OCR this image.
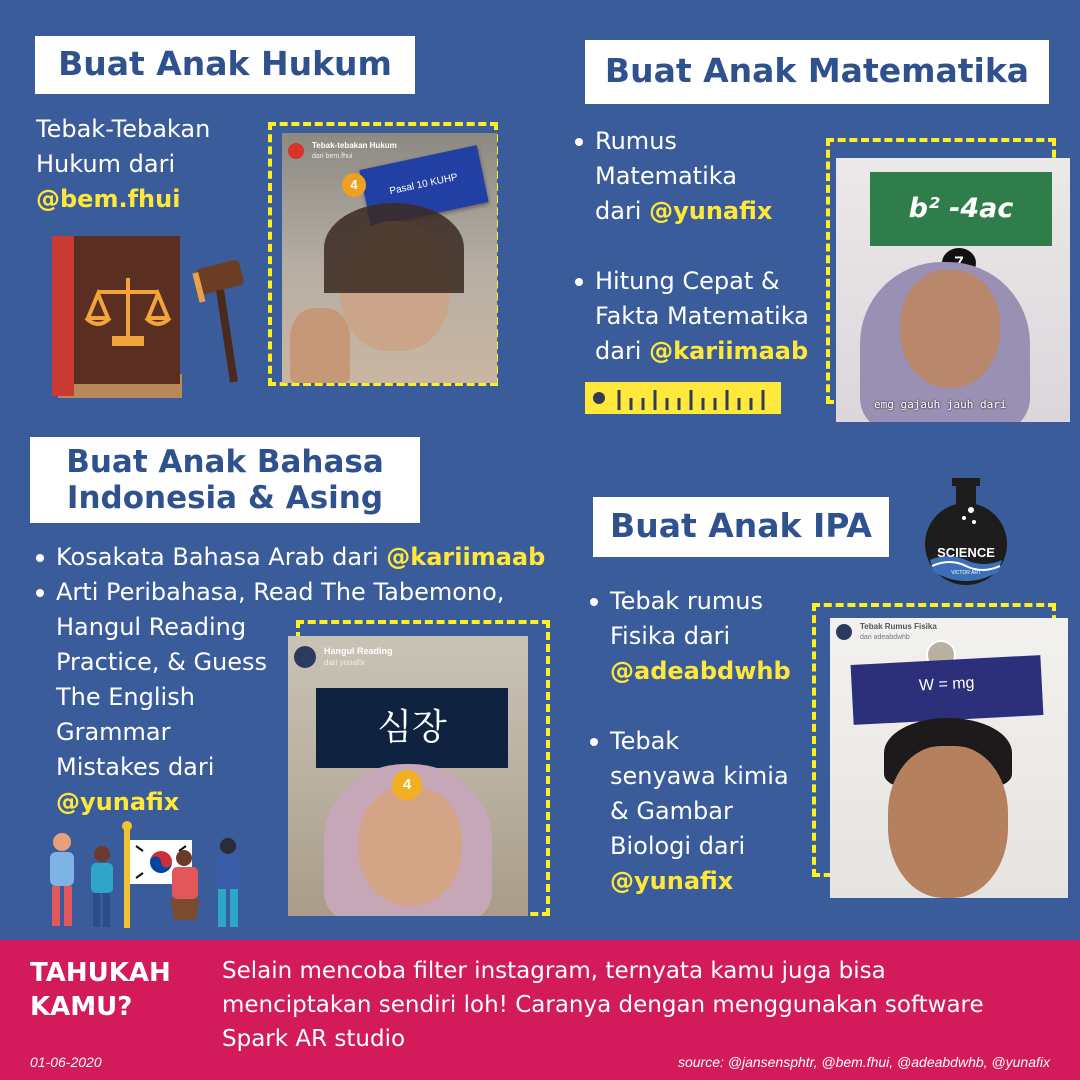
Buat Anak Hukum
Tebak-Tebakan
Hukum dari
@bem.fhui
Tebak-tebakan Hukum
dari bem.fhui
Pasal 10 KUHP
4
Buat Anak Matematika
Rumus
Matematika
dari @yunafix
Hitung Cepat &
Fakta Matematika
dari @kariimaab
b² -4ac
emg gajauh jauh dari
Buat Anak Bahasa
Indonesia & Asing
Kosakata Bahasa Arab dari @kariimaab
Arti Peribahasa, Read The Tabemono,
Hangul Reading
Practice, & Guess
The English
Grammar
Mistakes dari
@yunafix
Hangul Reading
dari yunafix
심장
4
Buat Anak IPA
SCIENCE
VICTOR ART
Tebak rumus
Fisika dari
@adeabdwhb
Tebak
senyawa kimia
& Gambar
Biologi dari
@yunafix
Tebak Rumus Fisika
dari adeabdwhb
W = mg
TAHUKAH
KAMU?
Selain mencoba filter instagram, ternyata kamu juga bisa
menciptakan sendiri loh! Caranya dengan menggunakan software
Spark AR studio
01-06-2020	source: @jansensphtr, @bem.fhui, @adeabdwhb, @yunafix
